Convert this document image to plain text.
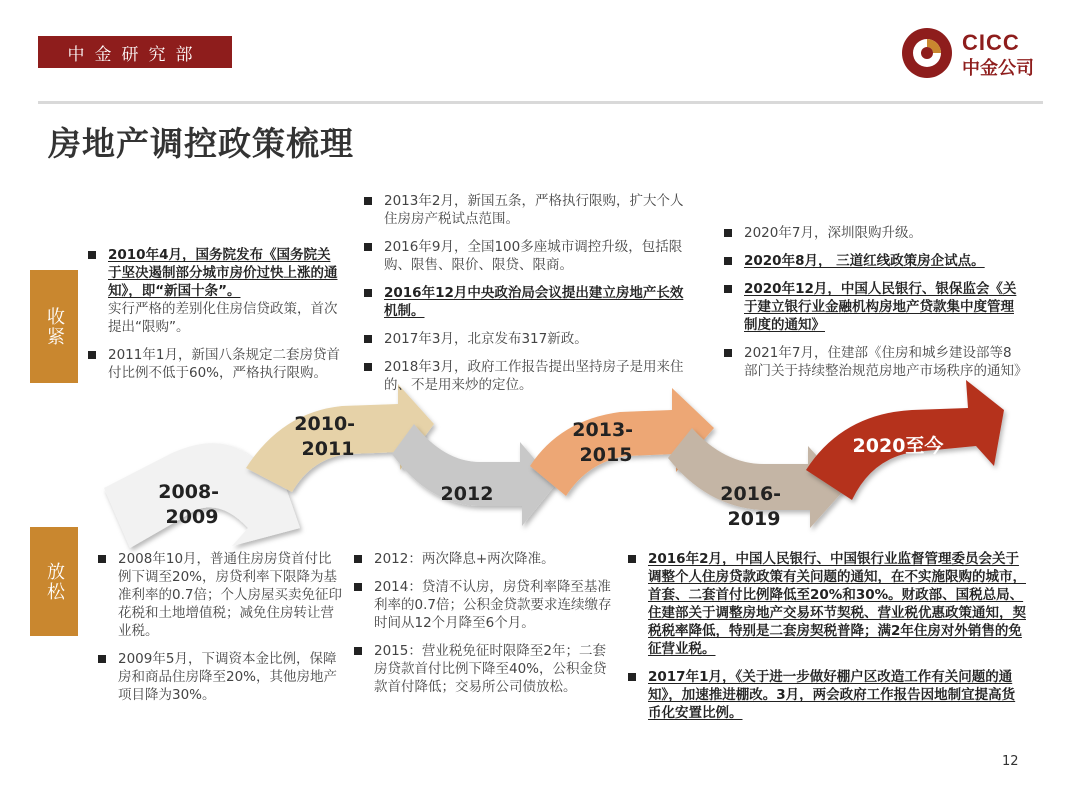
中金研究部	CICC
中金公司
房地产调控政策梳理
收紧
放松
2008- 2009
2010- 2011
2012
2013- 2015
2016- 2019
2020至今
2010年4月，国务院发布《国务院关于坚决遏制部分城市房价过快上涨的通知》，即“新国十条”。
实行严格的差别化住房信贷政策，首次提出“限购”。
2011年1月，新国八条规定二套房贷首付比例不低于60%，严格执行限购。
2013年2月，新国五条，严格执行限购，扩大个人住房房产税试点范围。
2016年9月，全国100多座城市调控升级，包括限购、限售、限价、限贷、限商。
2016年12月中央政治局会议提出建立房地产长效机制。
2017年3月，北京发布317新政。
2018年3月，政府工作报告提出坚持房子是用来住的、不是用来炒的定位。
2020年7月，深圳限购升级。
2020年8月， 三道红线政策房企试点。
2020年12月，中国人民银行、银保监会《关于建立银行业金融机构房地产贷款集中度管理制度的通知》
2021年7月，住建部《住房和城乡建设部等8部门关于持续整治规范房地产市场秩序的通知》
2008年10月，普通住房房贷首付比例下调至20%，房贷利率下限降为基准利率的0.7倍；个人房屋买卖免征印花税和土地增值税；减免住房转让营业税。
2009年5月，下调资本金比例，保障房和商品住房降至20%，其他房地产项目降为30%。
2012：两次降息+两次降准。
2014：贷清不认房，房贷利率降至基准利率的0.7倍；公积金贷款要求连续缴存时间从12个月降至6个月。
2015：营业税免征时限降至2年；二套房贷款首付比例下降至40%，公积金贷款首付降低；交易所公司债放松。
2016年2月，中国人民银行、中国银行业监督管理委员会关于调整个人住房贷款政策有关问题的通知，在不实施限购的城市，首套、二套首付比例降低至20%和30%。财政部、国税总局、住建部关于调整房地产交易环节契税、营业税优惠政策通知，契税税率降低，特别是二套房契税普降；满2年住房对外销售的免征营业税。
2017年1月，《关于进一步做好棚户区改造工作有关问题的通知》，加速推进棚改。3月，两会政府工作报告因地制宜提高货币化安置比例。
12
